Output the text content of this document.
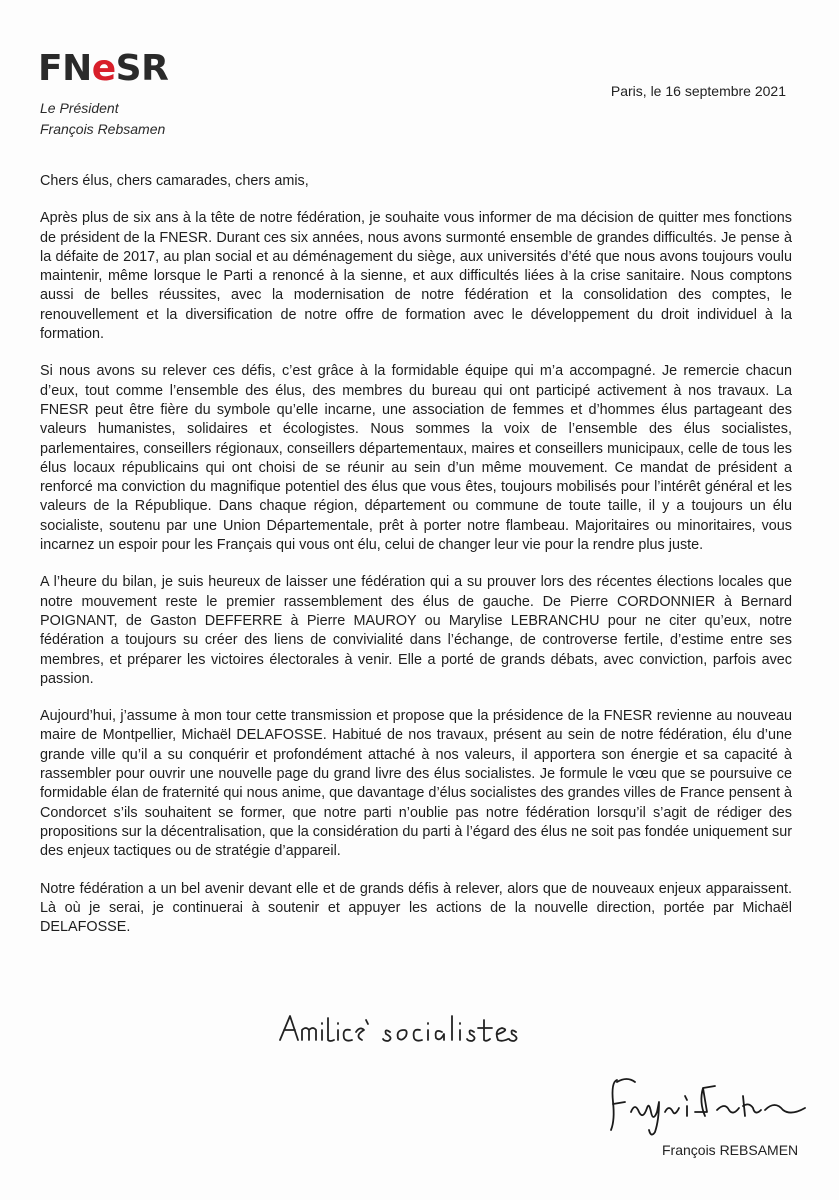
FNeSR
Le Président
François Rebsamen
Paris, le 16 septembre 2021

Chers élus, chers camarades, chers amis,

Après plus de six ans à la tête de notre fédération, je souhaite vous informer de ma décision de quitter mes fonctions de président de la FNESR. Durant ces six années, nous avons surmonté ensemble de grandes difficultés. Je pense à la défaite de 2017, au plan social et au déménagement du siège, aux universités d’été que nous avons toujours voulu maintenir, même lorsque le Parti a renoncé à la sienne, et aux difficultés liées à la crise sanitaire. Nous comptons aussi de belles réussites, avec la modernisation de notre fédération et la consolidation des comptes, le renouvellement et la diversification de notre offre de formation avec le développement du droit individuel à la formation.

Si nous avons su relever ces défis, c’est grâce à la formidable équipe qui m’a accompagné. Je remercie chacun d’eux, tout comme l’ensemble des élus, des membres du bureau qui ont participé activement à nos travaux. La FNESR peut être fière du symbole qu’elle incarne, une association de femmes et d’hommes élus partageant des valeurs humanistes, solidaires et écologistes. Nous sommes la voix de l’ensemble des élus socialistes, parlementaires, conseillers régionaux, conseillers départementaux, maires et conseillers municipaux, celle de tous les élus locaux républicains qui ont choisi de se réunir au sein d’un même mouvement. Ce mandat de président a renforcé ma conviction du magnifique potentiel des élus que vous êtes, toujours mobilisés pour l’intérêt général et les valeurs de la République. Dans chaque région, département ou commune de toute taille, il y a toujours un élu socialiste, soutenu par une Union Départementale, prêt à porter notre flambeau. Majoritaires ou minoritaires, vous incarnez un espoir pour les Français qui vous ont élu, celui de changer leur vie pour la rendre plus juste.

A l’heure du bilan, je suis heureux de laisser une fédération qui a su prouver lors des récentes élections locales que notre mouvement reste le premier rassemblement des élus de gauche. De Pierre CORDONNIER à Bernard POIGNANT, de Gaston DEFFERRE à Pierre MAUROY ou Marylise LEBRANCHU pour ne citer qu’eux, notre fédération a toujours su créer des liens de convivialité dans l’échange, de controverse fertile, d’estime entre ses membres, et préparer les victoires électorales à venir. Elle a porté de grands débats, avec conviction, parfois avec passion.

Aujourd’hui, j’assume à mon tour cette transmission et propose que la présidence de la FNESR revienne au nouveau maire de Montpellier, Michaël DELAFOSSE. Habitué de nos travaux, présent au sein de notre fédération, élu d’une grande ville qu’il a su conquérir et profondément attaché à nos valeurs, il apportera son énergie et sa capacité à rassembler pour ouvrir une nouvelle page du grand livre des élus socialistes. Je formule le vœu que se poursuive ce formidable élan de fraternité qui nous anime, que davantage d’élus socialistes des grandes villes de France pensent à Condorcet s’ils souhaitent se former, que notre parti n’oublie pas notre fédération lorsqu’il s’agit de rédiger des propositions sur la décentralisation, que la considération du parti à l’égard des élus ne soit pas fondée uniquement sur des enjeux tactiques ou de stratégie d’appareil.

Notre fédération a un bel avenir devant elle et de grands défis à relever, alors que de nouveaux enjeux apparaissent. Là où je serai, je continuerai à soutenir et appuyer les actions de la nouvelle direction, portée par Michaël DELAFOSSE.

François REBSAMEN
